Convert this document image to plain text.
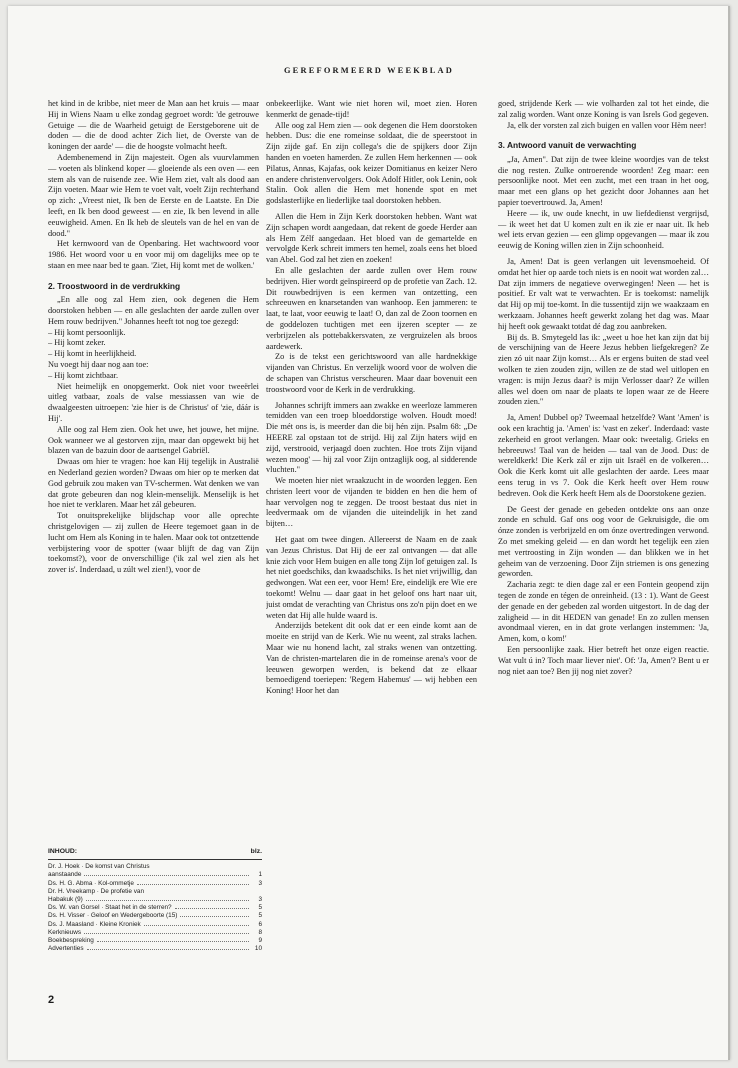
GEREFORMEERD WEEKBLAD

het kind in de kribbe, niet meer de Man aan het kruis — maar Hij in Wiens Naam u elke zondag gegroet wordt: 'de getrouwe Getuige — die de Waarheid getuigt de Eerstgeborene uit de doden — die de dood achter Zich liet, de Overste van de koningen der aarde' — die de hoogste volmacht heeft.

Adembenemend in Zijn majesteit. Ogen als vuurvlammen — voeten als blinkend koper — gloeiende als een oven — een stem als van de ruisende zee. Wie Hem ziet, valt als dood aan Zijn voeten. Maar wie Hem te voet valt, voelt Zijn rechterhand op zich: „Vreest niet, Ik ben de Eerste en de Laatste. En Die leeft, en Ik ben dood geweest — en zie, Ik ben levend in alle eeuwigheid. Amen. En Ik heb de sleutels van de hel en van de dood."

Het kernwoord van de Openbaring. Het wachtwoord voor 1986. Het woord voor u en voor mij om dagelijks mee op te staan en mee naar bed te gaan. 'Ziet, Hij komt met de wolken.'

2. Troostwoord in de verdrukking

„En alle oog zal Hem zien, ook degenen die Hem doorstoken hebben — en alle geslachten der aarde zullen over Hem rouw bedrijven." Johannes heeft tot nog toe gezegd:

– Hij komt persoonlijk.
– Hij komt zeker.
– Hij komt in heerlijkheid.

Nu voegt hij daar nog aan toe:

– Hij komt zichtbaar.

Niet heimelijk en onopgemerkt. Ook niet voor tweeërlei uitleg vatbaar, zoals de valse messiassen van wie de dwaalgeesten uitroepen: 'zie hier is de Christus' of 'zie, dáár is Hij'.

Alle oog zal Hem zien. Ook het uwe, het jouwe, het mijne. Ook wanneer we al gestorven zijn, maar dan opgewekt bij het blazen van de bazuin door de aartsengel Gabriël.

Dwaas om hier te vragen: hoe kan Hij tegelijk in Australië en Nederland gezien worden? Dwaas om hier op te merken dat God gebruik zou maken van TV-schermen. Wat denken we van dat grote gebeuren dan nog klein-menselijk. Menselijk is het hoe niet te verklaren. Maar het zál gebeuren.

Tot onuitsprekelijke blijdschap voor alle oprechte christgelovigen — zij zullen de Heere tegemoet gaan in de lucht om Hem als Koning in te halen. Maar ook tot ontzettende verbijstering voor de spotter (waar blijft de dag van Zijn toekomst?), voor de onverschillige ('ik zal wel zien als het zover is'. Inderdaad, u zúlt wel zien!), voor de

onbekeerlijke. Want wie niet horen wil, moet zien. Horen kenmerkt de genade-tijd!

Alle oog zal Hem zien — ook degenen die Hem doorstoken hebben. Dus: die ene romeinse soldaat, die de speerstoot in Zijn zijde gaf. En zijn collega's die de spijkers door Zijn handen en voeten hamerden. Ze zullen Hem herkennen — ook Pilatus, Annas, Kajafas, ook keizer Domitianus en keizer Nero en andere christenvervolgers. Ook Adolf Hitler, ook Lenin, ook Stalin. Ook allen die Hem met honende spot en met godslasterlijke en liederlijke taal doorstoken hebben.

Allen die Hem in Zijn Kerk doorstoken hebben. Want wat Zijn schapen wordt aangedaan, dat rekent de goede Herder aan als Hem Zélf aangedaan. Het bloed van de gemartelde en vervolgde Kerk schreit immers ten hemel, zoals eens het bloed van Abel. God zal het zien en zoeken!

En alle geslachten der aarde zullen over Hem rouw bedrijven. Hier wordt geïnspireerd op de profetie van Zach. 12. Dit rouwbedrijven is een kermen van ontzetting, een schreeuwen en knarsetanden van wanhoop. Een jammeren: te laat, te laat, voor eeuwig te laat! O, dan zal de Zoon toornen en de goddelozen tuchtigen met een ijzeren scepter — ze verbrijzelen als pottebakkersvaten, ze vergruizelen als broos aardewerk.

Zo is de tekst een gerichtswoord van alle hardnekkige vijanden van Christus. En verzelijk woord voor de wolven die de schapen van Christus verscheuren. Maar daar bovenuit een troostwoord voor de Kerk in de verdrukking.

Johannes schrijft immers aan zwakke en weerloze lammeren temidden van een troep bloeddorstige wolven. Houdt moed! Die mét ons is, is meerder dan die bij hén zijn. Psalm 68: „De HEERE zal opstaan tot de strijd. Hij zal Zijn haters wijd en zijd, verstrooid, verjaagd doen zuchten. Hoe trots Zijn vijand wezen moog' — hij zal voor Zijn ontzaglijk oog, al sidderende vluchten."

We moeten hier niet wraakzucht in de woorden leggen. Een christen leert voor de vijanden te bidden en hen die hem of haar vervolgen nog te zeggen. De troost bestaat dus niet in leedvermaak om de vijanden die uiteindelijk in het zand bijten…

Het gaat om twee dingen. Allereerst de Naam en de zaak van Jezus Christus. Dat Hij de eer zal ontvangen — dat alle knie zich voor Hem buigen en alle tong Zijn lof getuigen zal. Is het niet goedschiks, dan kwaadschiks. Is het niet vrijwillig, dan gedwongen. Wat een eer, voor Hem! Ere, eindelijk ere Wie ere toekomt! Welnu — daar gaat in het geloof ons hart naar uit, juist omdat de verachting van Christus ons zo'n pijn doet en we weten dat Hij alle hulde waard is.

Anderzijds betekent dit ook dat er een einde komt aan de moeite en strijd van de Kerk. Wie nu weent, zal straks lachen. Maar wie nu honend lacht, zal straks wenen van ontzetting. Van de christen-martelaren die in de romeinse arena's voor de leeuwen geworpen werden, is bekend dat ze elkaar bemoedigend toeriepen: 'Regem Habemus' — wij hebben een Koning! Hoor het dan

goed, strijdende Kerk — wie volharden zal tot het einde, die zal zalig worden. Want onze Koning is van Isrels God gegeven.

Ja, elk der vorsten zal zich buigen en vallen voor Hèm neer!

3. Antwoord vanuit de verwachting

„Ja, Amen". Dat zijn de twee kleine woordjes van de tekst die nog resten. Zulke ontroerende woorden! Zeg maar: een persoonlijke noot. Met een zucht, met een traan in het oog, maar met een glans op het gezicht door Johannes aan het papier toevertrouwd. Ja, Amen!

Heere — ik, uw oude knecht, in uw liefdedienst vergrijsd, — ik weet het dat U komen zult en ik zie er naar uit. Ik heb wel iets ervan gezien — een glimp opgevangen — maar ik zou eeuwig de Koning willen zien in Zijn schoonheid.

Ja, Amen! Dat is geen verlangen uit levensmoeheid. Of omdat het hier op aarde toch niets is en nooit wat worden zal… Dat zijn immers de negatieve overwegingen! Neen — het is positief. Er valt wat te verwachten. Er is toekomst: namelijk dat Hij op mij toe-komt. In die tussentijd zijn we waakzaam en werkzaam. Johannes heeft gewerkt zolang het dag was. Maar hij heeft ook gewaakt totdat dé dag zou aanbreken.

Bij ds. B. Smytegeld las ik: „weet u hoe het kan zijn dat bij de verschijning van de Heere Jezus hebben liefgekregen? Ze zien zó uit naar Zijn komst… Als er ergens buiten de stad veel wolken te zien zouden zijn, willen ze de stad wel uitlopen en vragen: is mijn Jezus daar? is mijn Verlosser daar? Ze willen alles wel doen om naar de plaats te lopen waar ze de Heere zouden zien."

Ja, Amen! Dubbel op? Tweemaal hetzelfde? Want 'Amen' is ook een krachtig ja. 'Amen' is: 'vast en zeker'. Inderdaad: vaste zekerheid en groot verlangen. Maar ook: tweetalig. Grieks en hebreeuws! Taal van de heiden — taal van de Jood. Dus: de wereldkerk! Die Kerk zál er zijn uit Israël en de volkeren… Ook die Kerk komt uit alle geslachten der aarde. Lees maar eens terug in vs 7. Ook die Kerk heeft over Hem rouw bedreven. Ook die Kerk heeft Hem als de Doorstokene gezien.

De Geest der genade en gebeden ontdekte ons aan onze zonde en schuld. Gaf ons oog voor de Gekruisigde, die om ónze zonden is verbrijzeld en om ónze overtredingen verwond. Zo met smeking geleid — en dan wordt het tegelijk een zien met vertroosting in Zijn wonden — dan blikken we in het geheim van de verzoening. Door Zijn striemen is ons genezing geworden.

Zacharia zegt: te dien dage zal er een Fontein geopend zijn tegen de zonde en tégen de onreinheid. (13 : 1). Want de Geest der genade en der gebeden zal worden uitgestort. In de dag der zaligheid — in dit HEDEN van genade! En zo zullen mensen avondmaal vieren, en in dat grote verlangen instemmen: 'Ja, Amen, kom, o kom!'

Een persoonlijke zaak. Hier betreft het onze eigen reactie. Wat vult ú in? Toch maar liever niet'. Of: 'Ja, Amen'? Bent u er nog niet aan toe? Ben jij nog niet zover?

INHOUD:	blz.
Dr. J. Hoek · De komst van Christus
aanstaande	1
Ds. H. G. Abma · Kol-ommetje	3
Dr. H. Vreekamp · De profetie van
Habakuk (9)	3
Ds. W. van Gorsel · Staat het in de sterren?	5
Ds. H. Visser · Geloof en Wedergeboorte (15)	5
Ds. J. Maasland · Kleine Kroniek	6
Kerknieuws	8
Boekbespreking	9
Advertenties	10
2
